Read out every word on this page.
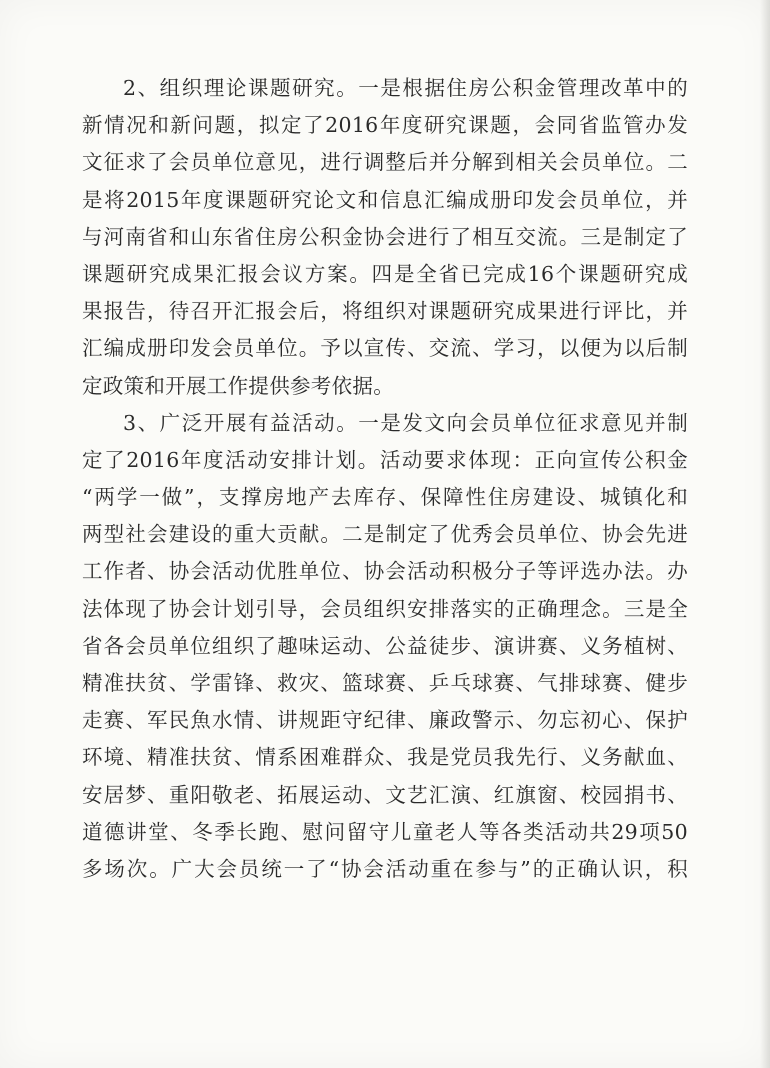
2、组织理论课题研究。一是根据住房公积金管理改革中的
新情况和新问题，拟定了2016年度研究课题，会同省监管办发
文征求了会员单位意见，进行调整后并分解到相关会员单位。二
是将2015年度课题研究论文和信息汇编成册印发会员单位，并
与河南省和山东省住房公积金协会进行了相互交流。三是制定了
课题研究成果汇报会议方案。四是全省已完成16个课题研究成
果报告，待召开汇报会后，将组织对课题研究成果进行评比，并
汇编成册印发会员单位。予以宣传、交流、学习，以便为以后制
定政策和开展工作提供参考依据。
3、广泛开展有益活动。一是发文向会员单位征求意见并制
定了2016年度活动安排计划。活动要求体现：正向宣传公积金
“两学一做”，支撑房地产去库存、保障性住房建设、城镇化和
两型社会建设的重大贡献。二是制定了优秀会员单位、协会先进
工作者、协会活动优胜单位、协会活动积极分子等评选办法。办
法体现了协会计划引导，会员组织安排落实的正确理念。三是全
省各会员单位组织了趣味运动、公益徒步、演讲赛、义务植树、
精准扶贫、学雷锋、救灾、篮球赛、乒乓球赛、气排球赛、健步
走赛、军民魚水情、讲规距守纪律、廉政警示、勿忘初心、保护
环境、精准扶贫、情系困难群众、我是党员我先行、义务献血、
安居梦、重阳敬老、拓展运动、文艺汇演、红旗窗、校园捐书、
道德讲堂、冬季长跑、慰问留守儿童老人等各类活动共29项50
多场次。广大会员统一了“协会活动重在参与”的正确认识，积
